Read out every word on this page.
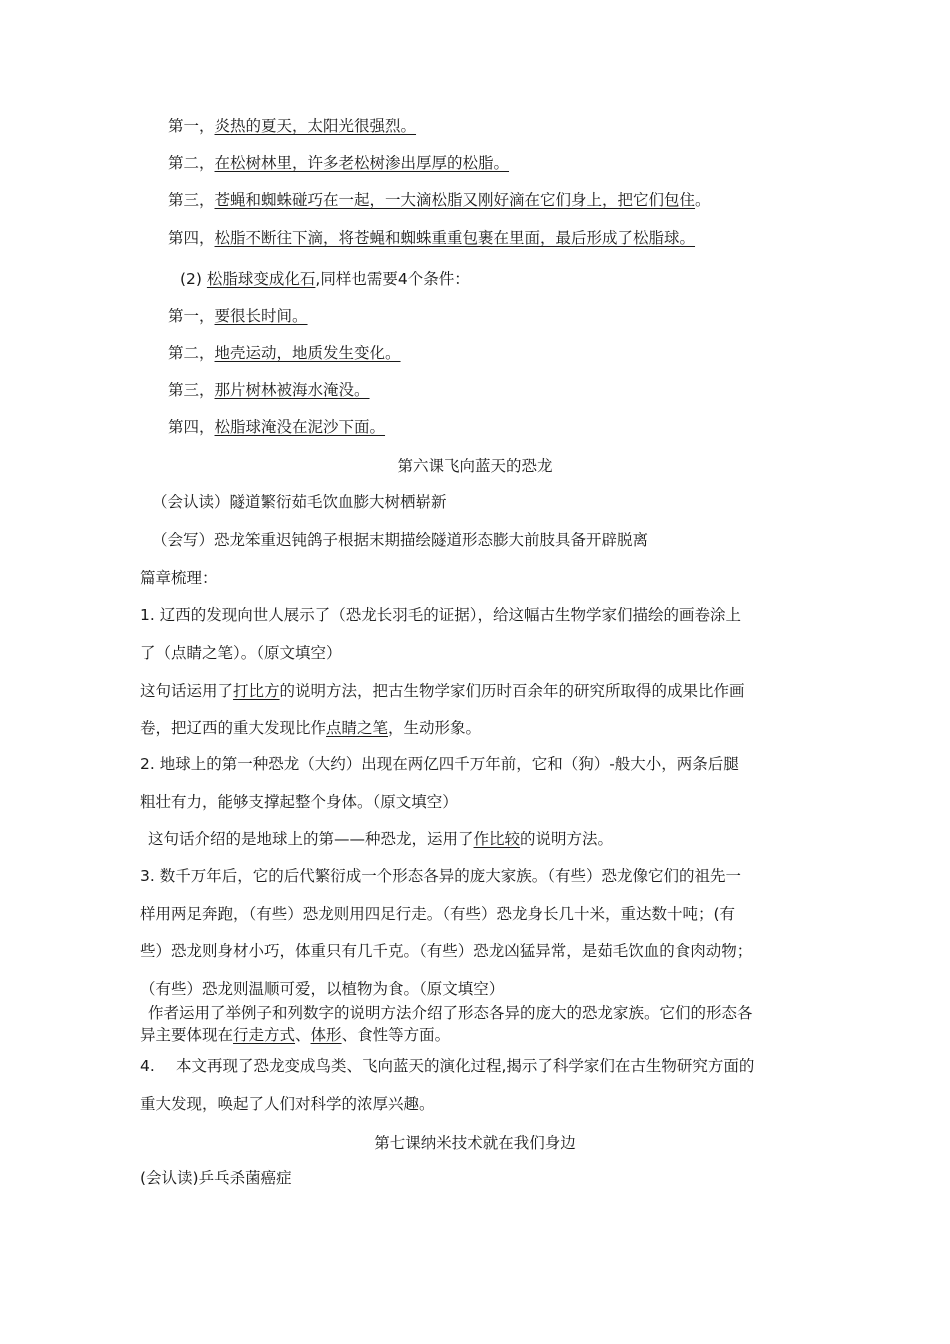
第一，炎热的夏天，太阳光很强烈。
第二，在松树林里，许多老松树渗出厚厚的松脂。
第三，苍蝇和蜘蛛碰巧在一起，一大滴松脂又刚好滴在它们身上，把它们包住。
第四，松脂不断往下滴，将苍蝇和蜘蛛重重包裹在里面，最后形成了松脂球。
(2) 松脂球变成化石,同样也需要4个条件：
第一，要很长时间。
第二，地壳运动，地质发生变化。
第三，那片树林被海水淹没。
第四，松脂球淹没在泥沙下面。
第六课飞向蓝天的恐龙
（会认读）隧道繁衍茹毛饮血膨大树栖崭新
（会写）恐龙笨重迟钝鸽子根据末期描绘隧道形态膨大前肢具备开辟脱离
篇章梳理：
1. 辽西的发现向世人展示了（恐龙长羽毛的证据），给这幅古生物学家们描绘的画卷涂上
了（点睛之笔）。（原文填空）
这句话运用了打比方的说明方法，把古生物学家们历时百余年的研究所取得的成果比作画
卷，把辽西的重大发现比作点睛之笔，生动形象。
2. 地球上的第一种恐龙（大约）出现在两亿四千万年前，它和（狗）-般大小，两条后腿
粗壮有力，能够支撑起整个身体。（原文填空）
这句话介绍的是地球上的第——种恐龙，运用了作比较的说明方法。
3. 数千万年后，它的后代繁衍成一个形态各异的庞大家族。（有些）恐龙像它们的祖先一
样用两足奔跑，（有些）恐龙则用四足行走。（有些）恐龙身长几十米，重达数十吨；(有
些）恐龙则身材小巧，体重只有几千克。（有些）恐龙凶猛异常，是茹毛饮血的食肉动物；
（有些）恐龙则温顺可爱，以植物为食。（原文填空）
作者运用了举例子和列数字的说明方法介绍了形态各异的庞大的恐龙家族。它们的形态各
异主要体现在行走方式、体形、食性等方面。
4. 本文再现了恐龙变成鸟类、飞向蓝天的演化过程,揭示了科学家们在古生物研究方面的
重大发现，唤起了人们对科学的浓厚兴趣。
第七课纳米技术就在我们身边
(会认读)乒乓杀菌癌症
